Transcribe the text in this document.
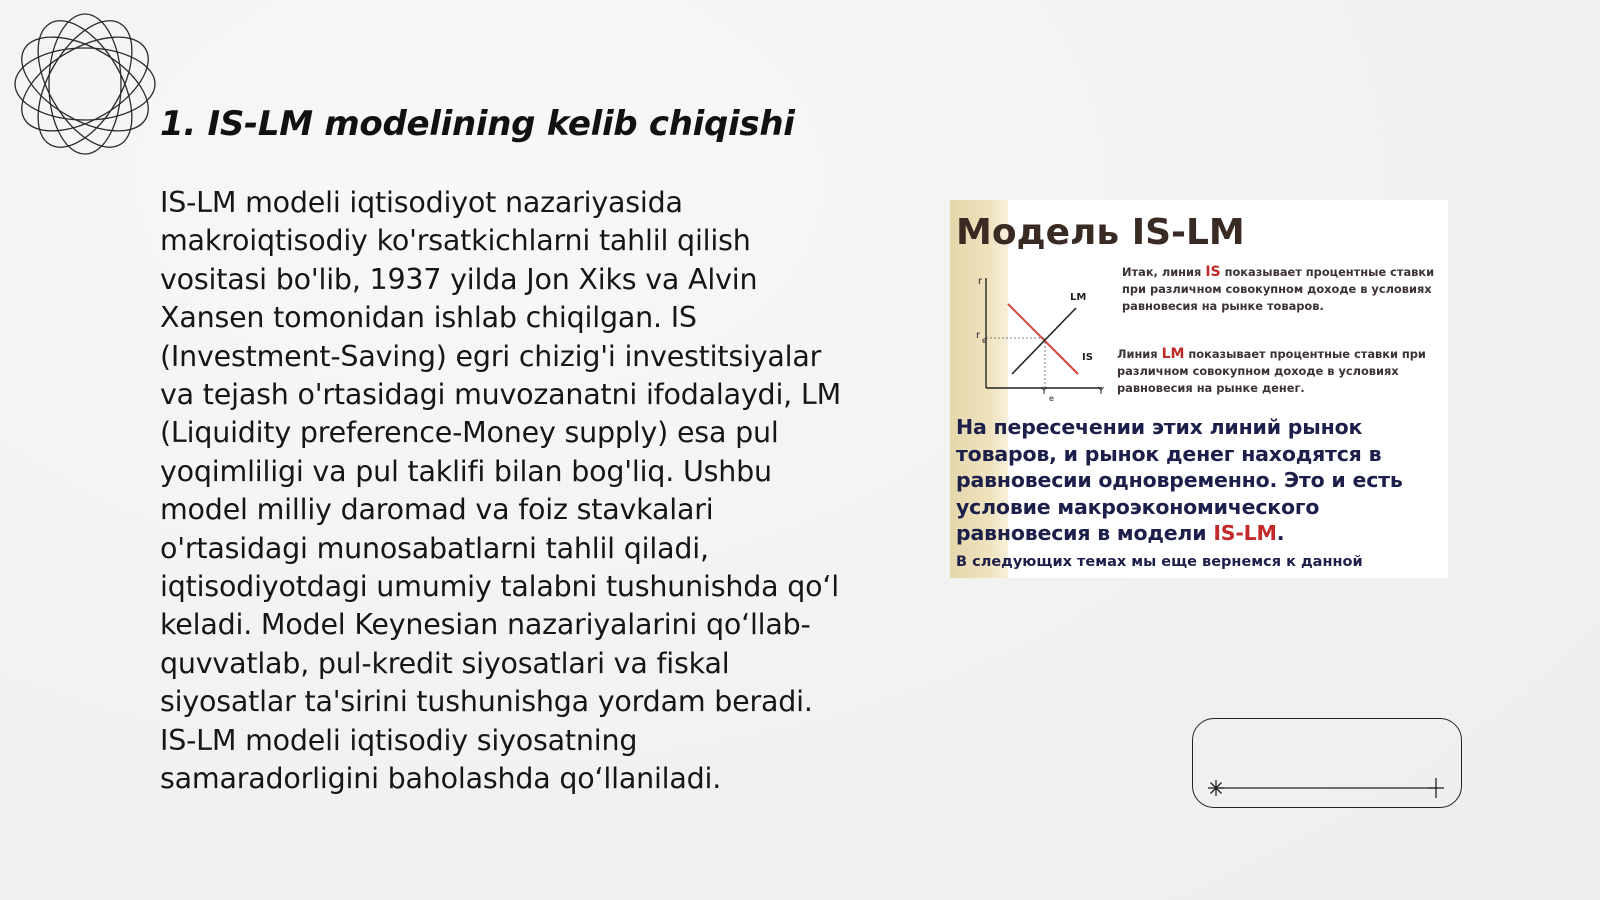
1. IS-LM modelining kelib chiqishi
IS-LM modeli iqtisodiyot nazariyasida makroiqtisodiy ko'rsatkichlarni tahlil qilish vositasi bo'lib, 1937 yilda Jon Xiks va Alvin Xansen tomonidan ishlab chiqilgan. IS (Investment-Saving) egri chizig'i investitsiyalar va tejash o'rtasidagi muvozanatni ifodalaydi, LM (Liquidity preference-Money supply) esa pul yoqimliligi va pul taklifi bilan bog'liq. Ushbu model milliy daromad va foiz stavkalari o'rtasidagi munosabatlarni tahlil qiladi, iqtisodiyotdagi umumiy talabni tushunishda qo‘l keladi. Model Keynesian nazariyalarini qo‘llab-quvvatlab, pul-kredit siyosatlari va fiskal siyosatlar ta'sirini tushunishga yordam beradi. IS-LM modeli iqtisodiy siyosatning samaradorligini baholashda qo‘llaniladi.
Модель IS-LM
r
Y
r e
Y
e
LM
IS
Итак, линия IS показывает процентные ставки при различном совокупном доходе в условиях равновесия на рынке товаров.
Линия LM показывает процентные ставки при различном совокупном доходе в условиях равновесия на рынке денег.
На пересечении этих линий рынок товаров, и рынок денег находятся в равновесии одновременно. Это и есть условие макроэкономического равновесия в модели IS-LM.
В следующих темах мы еще вернемся к данной
